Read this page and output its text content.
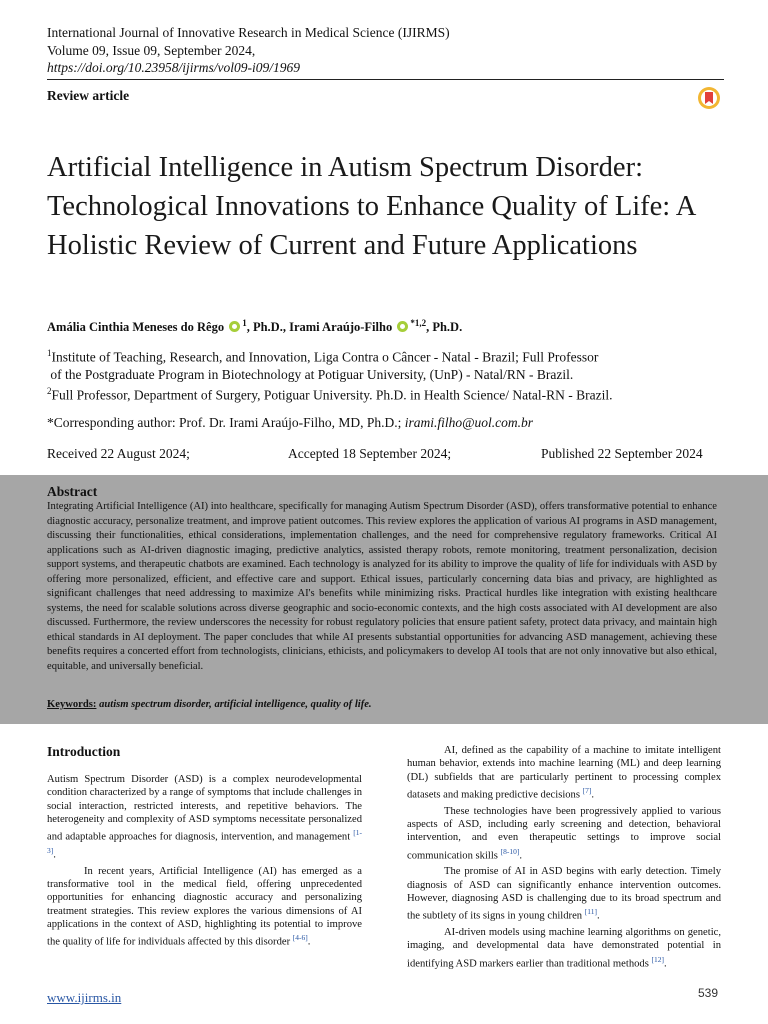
International Journal of Innovative Research in Medical Science (IJIRMS)
Volume 09, Issue 09, September 2024,
https://doi.org/10.23958/ijirms/vol09-i09/1969
Review article
Artificial Intelligence in Autism Spectrum Disorder: Technological Innovations to Enhance Quality of Life: A Holistic Review of Current and Future Applications
Amália Cinthia Meneses do Rêgo $^1$, Ph.D., Irami Araújo-Filho $^{*1,2}$, Ph.D.
$^1$Institute of Teaching, Research, and Innovation, Liga Contra o Câncer - Natal - Brazil; Full Professor
of the Postgraduate Program in Biotechnology at Potiguar University, (UnP) - Natal/RN - Brazil.
$^2$Full Professor, Department of Surgery, Potiguar University. Ph.D. in Health Science/ Natal-RN - Brazil.
*Corresponding author: Prof. Dr. Irami Araújo-Filho, MD, Ph.D.; irami.filho@uol.com.br
Received 22 August 2024;	Accepted 18 September 2024;	Published 22 September 2024
Abstract
Integrating Artificial Intelligence (AI) into healthcare, specifically for managing Autism Spectrum Disorder (ASD), offers transformative potential to enhance diagnostic accuracy, personalize treatment, and improve patient outcomes. This review explores the application of various AI programs in ASD management, discussing their functionalities, ethical considerations, implementation challenges, and the need for comprehensive regulatory frameworks. Critical AI applications such as AI-driven diagnostic imaging, predictive analytics, assisted therapy robots, remote monitoring, treatment personalization, decision support systems, and therapeutic chatbots are examined. Each technology is analyzed for its ability to improve the quality of life for individuals with ASD by offering more personalized, efficient, and effective care and support. Ethical issues, particularly concerning data bias and privacy, are highlighted as significant challenges that need addressing to maximize AI's benefits while minimizing risks. Practical hurdles like integration with existing healthcare systems, the need for scalable solutions across diverse geographic and socio-economic contexts, and the high costs associated with AI development are also discussed. Furthermore, the review underscores the necessity for robust regulatory policies that ensure patient safety, protect data privacy, and maintain high ethical standards in AI deployment. The paper concludes that while AI presents substantial opportunities for advancing ASD management, achieving these benefits requires a concerted effort from technologists, clinicians, ethicists, and policymakers to develop AI tools that are not only innovative but also ethical, equitable, and universally beneficial.
Keywords: autism spectrum disorder, artificial intelligence, quality of life.
Introduction

Autism Spectrum Disorder (ASD) is a complex neurodevelopmental condition characterized by a range of symptoms that include challenges in social interaction, restricted interests, and repetitive behaviors. The heterogeneity and complexity of ASD symptoms necessitate personalized and adaptable approaches for diagnosis, intervention, and management [1-3].

In recent years, Artificial Intelligence (AI) has emerged as a transformative tool in the medical field, offering unprecedented opportunities for enhancing diagnostic accuracy and personalizing treatment strategies. This review explores the various dimensions of AI applications in the context of ASD, highlighting its potential to improve the quality of life for individuals affected by this disorder [4-6].

AI, defined as the capability of a machine to imitate intelligent human behavior, extends into machine learning (ML) and deep learning (DL) subfields that are particularly pertinent to processing complex datasets and making predictive decisions [7].

These technologies have been progressively applied to various aspects of ASD, including early screening and detection, behavioral intervention, and even therapeutic settings to improve social communication skills [8-10].

The promise of AI in ASD begins with early detection. Timely diagnosis of ASD can significantly enhance intervention outcomes. However, diagnosing ASD is challenging due to its broad spectrum and the subtlety of its signs in young children [11].

AI-driven models using machine learning algorithms on genetic, imaging, and developmental data have demonstrated potential in identifying ASD markers earlier than traditional methods [12].

www.ijirms.in	539
